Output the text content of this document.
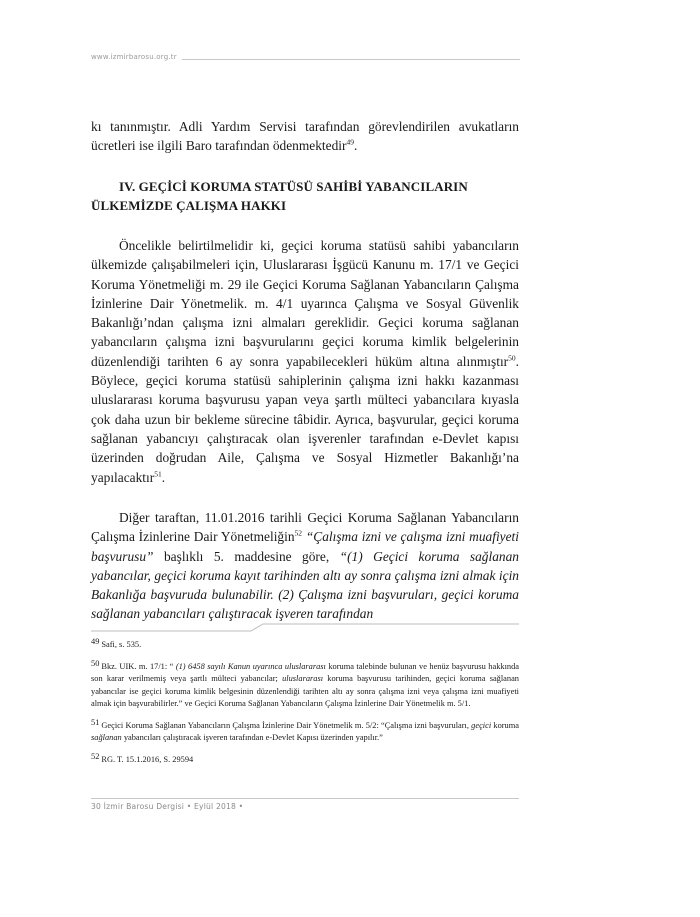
www.izmirbarosu.org.tr

kı tanınmıştır. Adli Yardım Servisi tarafından görevlendirilen avukatların ücretleri ise ilgili Baro tarafından ödenmektedir$^{49}$.

IV. GEÇİCİ KORUMA STATÜSÜ SAHİBİ YABANCILARIN ÜLKEMİZDE ÇALIŞMA HAKKI

Öncelikle belirtilmelidir ki, geçici koruma statüsü sahibi yabancıların ülkemizde çalışabilmeleri için, Uluslararası İşgücü Kanunu m. 17/1 ve Geçici Koruma Yönetmeliği m. 29 ile Geçici Koruma Sağlanan Yabancıların Çalışma İzinlerine Dair Yönetmelik. m. 4/1 uyarınca Çalışma ve Sosyal Güvenlik Bakanlığı’ndan çalışma izni almaları gereklidir. Geçici koruma sağlanan yabancıların çalışma izni başvurularını geçici koruma kimlik belgelerinin düzenlendiği tarihten 6 ay sonra yapabilecekleri hüküm altına alınmıştır$^{50}$. Böylece, geçici koruma statüsü sahiplerinin çalışma izni hakkı kazanması uluslararası koruma başvurusu yapan veya şartlı mülteci yabancılara kıyasla çok daha uzun bir bekleme sürecine tâbidir. Ayrıca, başvurular, geçici koruma sağlanan yabancıyı çalıştıracak olan işverenler tarafından e-Devlet kapısı üzerinden doğrudan Aile, Çalışma ve Sosyal Hizmetler Bakanlığı’na yapılacaktır$^{51}$.

Diğer taraftan, 11.01.2016 tarihli Geçici Koruma Sağlanan Yabancıların Çalışma İzinlerine Dair Yönetmeliğin$^{52}$ “Çalışma izni ve çalışma izni muafiyeti başvurusu” başlıklı 5. maddesine göre, “(1) Geçici koruma sağlanan yabancılar, geçici koruma kayıt tarihinden altı ay sonra çalışma izni almak için Bakanlığa başvuruda bulunabilir. (2) Çalışma izni başvuruları, geçici koruma sağlanan yabancıları çalıştıracak işveren tarafından

49 Safi, s. 535.

50 Bkz. UIK. m. 17/1: “ (1) 6458 sayılı Kanun uyarınca uluslararası koruma talebinde bulunan ve henüz başvurusu hakkında son karar verilmemiş veya şartlı mülteci yabancılar; uluslararası koruma başvurusu tarihinden, geçici koruma sağlanan yabancılar ise geçici koruma kimlik belgesinin düzenlendiği tarihten altı ay sonra çalışma izni veya çalışma izni muafiyeti almak için başvurabilirler.” ve Geçici Koruma Sağlanan Yabancıların Çalışma İzinlerine Dair Yönetmelik m. 5/1.

51 Geçici Koruma Sağlanan Yabancıların Çalışma İzinlerine Dair Yönetmelik m. 5/2: “Çalışma izni başvuruları, geçici koruma sağlanan yabancıları çalıştıracak işveren tarafından e-Devlet Kapısı üzerinden yapılır.”

52 RG. T. 15.1.2016, S. 29594

30 İzmir Barosu Dergisi • Eylül 2018 •
